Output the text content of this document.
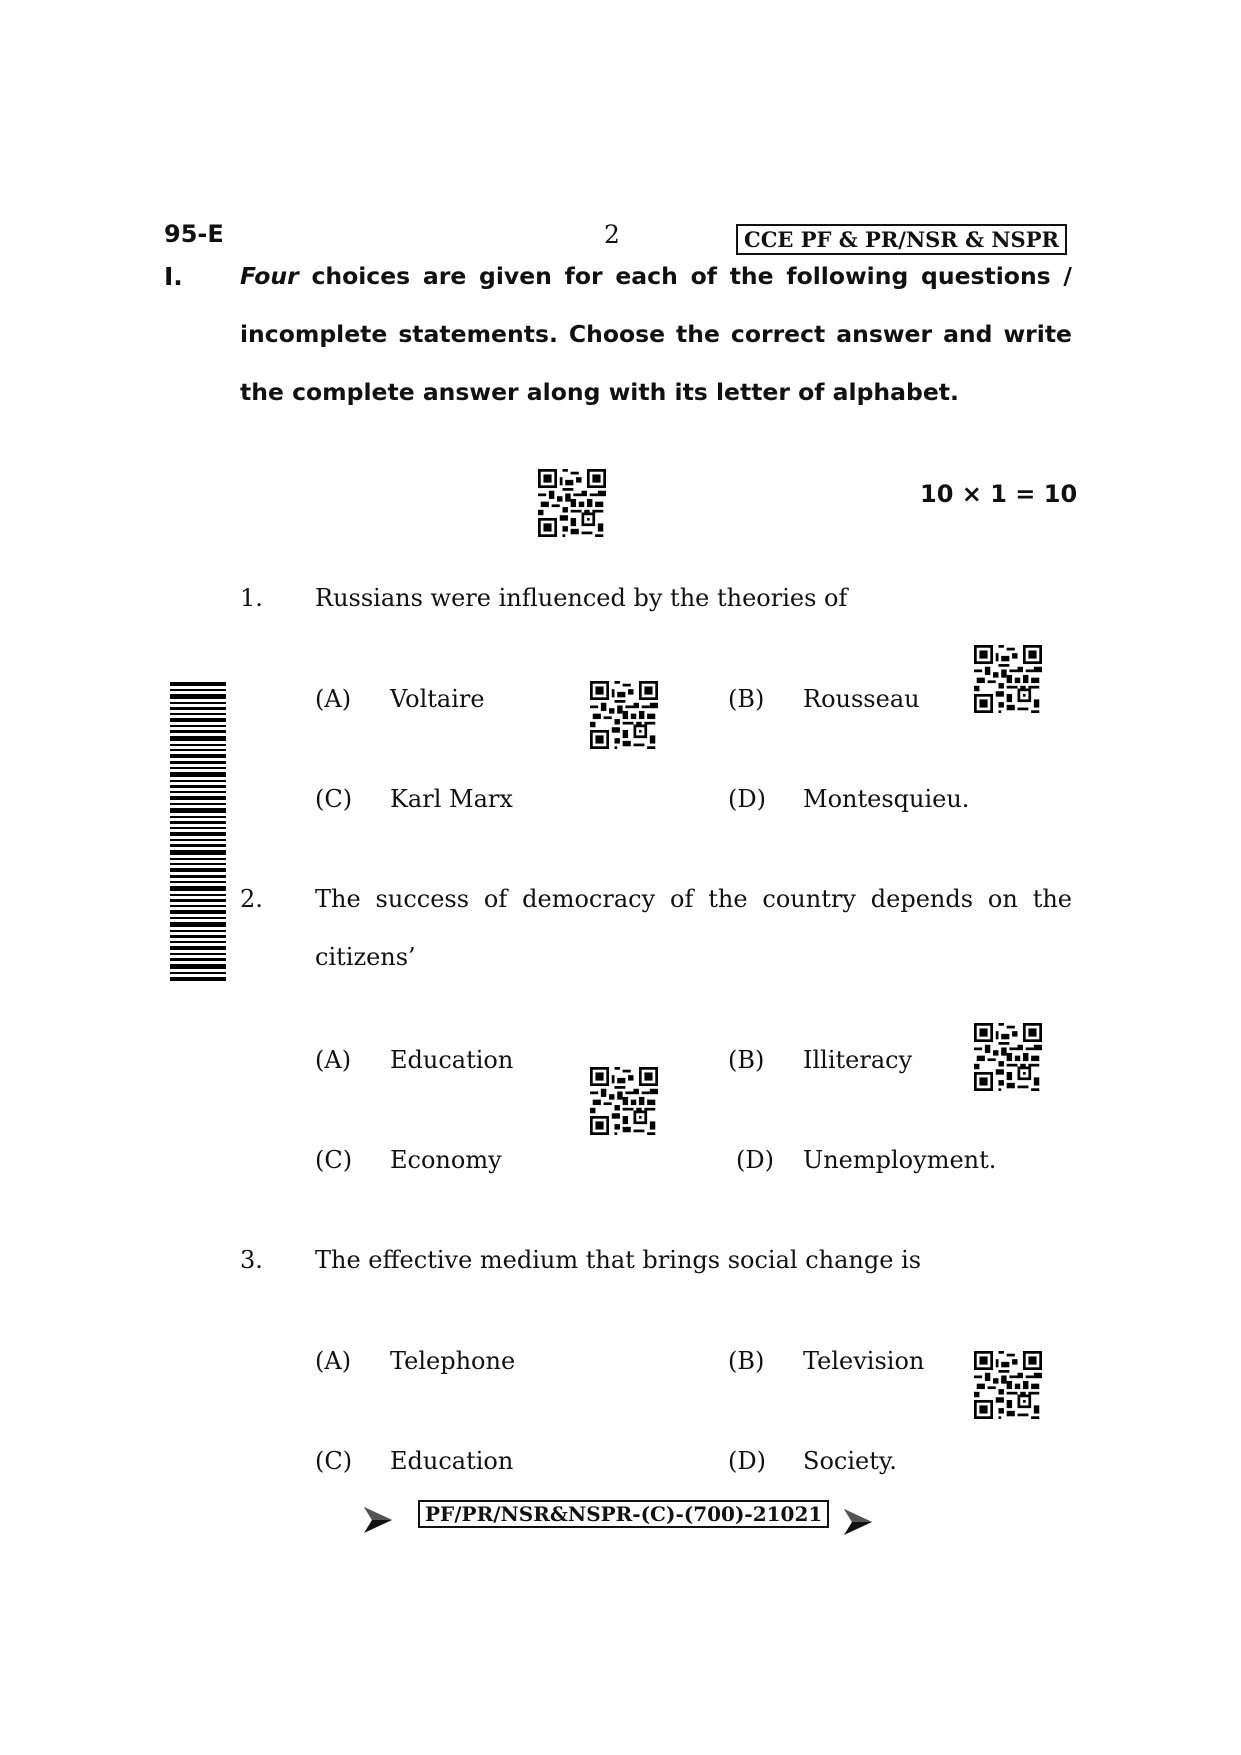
95-E	2	CCE PF & PR/NSR & NSPR
I. Four choices are given for each of the following questions /
incomplete statements. Choose the correct answer and write
the complete answer along with its letter of alphabet.
10 × 1 = 10
1. Russians were influenced by the theories of
(A) Voltaire	(B) Rousseau
(C) Karl Marx	(D) Montesquieu.
2. The success of democracy of the country depends on the
citizens’
(A) Education	(B) Illiteracy
(C) Economy	(D) Unemployment.
3. The effective medium that brings social change is
(A) Telephone	(B) Television
(C) Education	(D) Society.
PF/PR/NSR&NSPR-(C)-(700)-21021
